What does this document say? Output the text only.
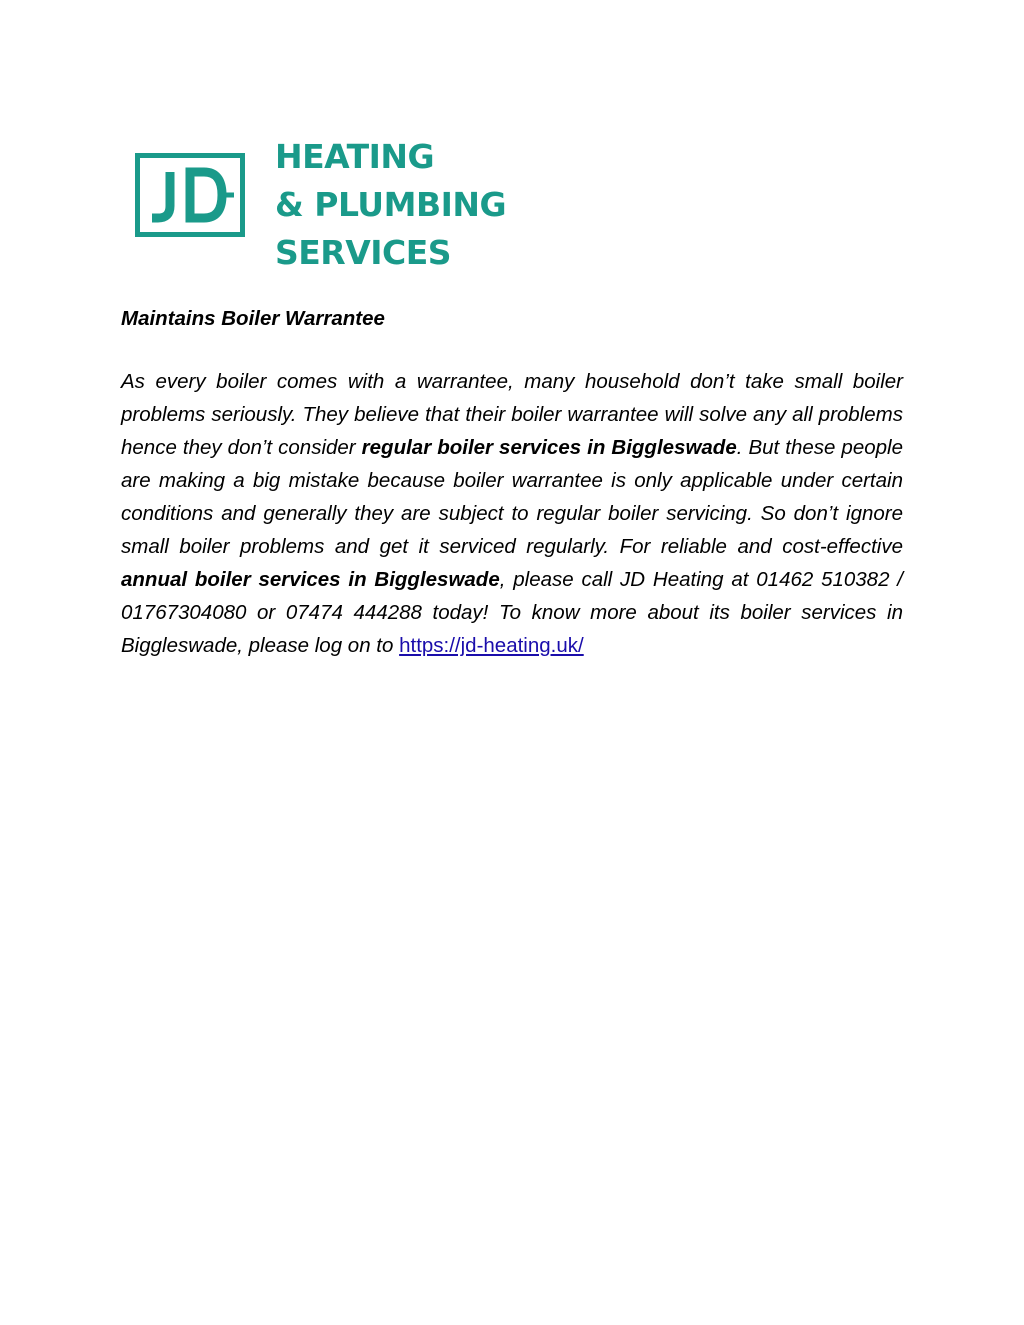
HEATING
& PLUMBING
SERVICES

Maintains Boiler Warrantee

As every boiler comes with a warrantee, many household don’t take small boiler problems seriously. They believe that their boiler warrantee will solve any all problems hence they don’t consider regular boiler services in Biggleswade. But these people are making a big mistake because boiler warrantee is only applicable under certain conditions and generally they are subject to regular boiler servicing. So don’t ignore small boiler problems and get it serviced regularly. For reliable and cost-effective annual boiler services in Biggleswade, please call JD Heating at 01462 510382 / 01767304080 or 07474 444288 today! To know more about its boiler services in Biggleswade, please log on to https://jd-heating.uk/
